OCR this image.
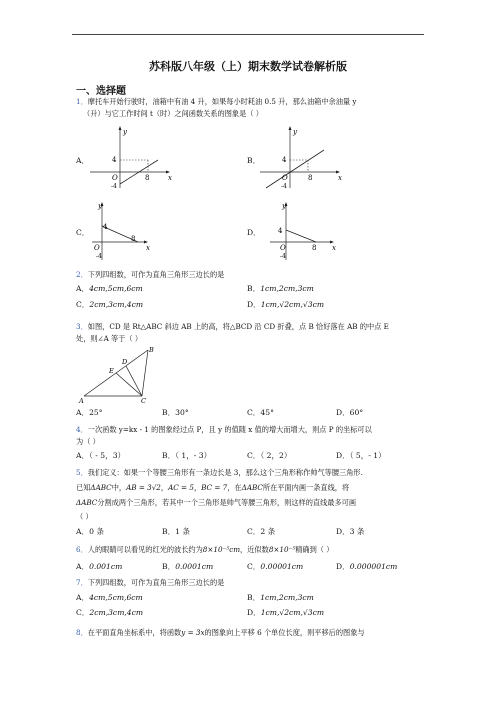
苏科版八年级（上）期末数学试卷解析版
一、选择题
1．摩托车开始行驶时，油箱中有油 4 升，如果每小时耗油 0.5 升，那么油箱中余油量 y
（升）与它工作时间 t（时）之间函数关系的图象是（ ）
A．
y
x
O
4
8
-4
B．
y
x
O
4
8
-4
C．
y
x
O
4
8
-4
D．
y
x
O
4
8
-4
2．下列四组数，可作为直角三角形三边长的是
A．4cm,5cm,6cm	B．1cm,2cm,3cm
C．2cm,3cm,4cm	D．1cm,√2cm,√3cm
3．如图，CD 是 Rt△ABC 斜边 AB 上的高，将△BCD 沿 CD 折叠，点 B 恰好落在 AB 的中点 E
处，则∠A 等于（ ）
A
B
C
D
E
A．25°	B．30°	C．45°	D．60°
4．一次函数 y=kx - 1 的图象经过点 P，且 y 的值随 x 值的增大而增大，则点 P 的坐标可以
为（ ）
A．（ - 5，3）	B．（ 1，- 3）	C．（ 2，2）	D．（ 5，- 1）
5．我们定义：如果一个等腰三角形有一条边长是 3，那么这个三角形称作帅气等腰三角形.
已知ΔABC中，AB = 3√2，AC = 5，BC = 7，在ΔABC所在平面内画一条直线，将
ΔABC分割成两个三角形，若其中一个三角形是帅气等腰三角形，则这样的直线最多可画
（ ）
A．0 条	B．1 条	C．2 条	D．3 条
6．人的眼睛可以看见的红光的波长约为8×10⁻⁵cm，近似数8×10⁻⁵精确到（ ）
A．0.001cm	B．0.0001cm	C．0.00001cm	D．0.000001cm
7．下列四组数，可作为直角三角形三边长的是
A．4cm,5cm,6cm	B．1cm,2cm,3cm
C．2cm,3cm,4cm	D．1cm,√2cm,√3cm
8．在平面直角坐标系中，将函数y = 3x的图象向上平移 6 个单位长度，则平移后的图象与
